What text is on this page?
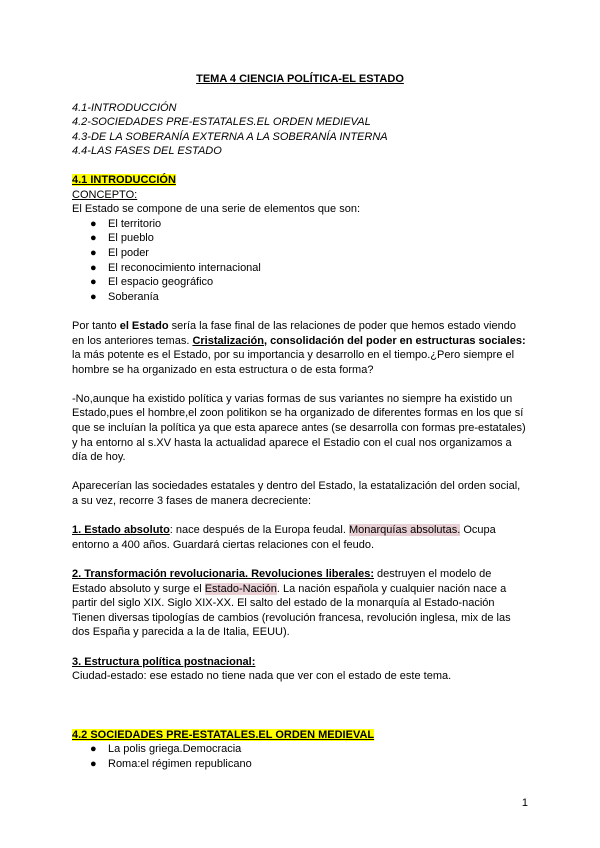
TEMA 4 CIENCIA POLÍTICA-EL ESTADO

4.1-INTRODUCCIÓN
4.2-SOCIEDADES PRE-ESTATALES.EL ORDEN MEDIEVAL
4.3-DE LA SOBERANÍA EXTERNA A LA SOBERANÍA INTERNA
4.4-LAS FASES DEL ESTADO
4.1 INTRODUCCIÓN
CONCEPTO:

El Estado se compone de una serie de elementos que son:

● El territorio
● El pueblo
● El poder
● El reconocimiento internacional
● El espacio geográfico
● Soberanía

Por tanto el Estado sería la fase final de las relaciones de poder que hemos estado viendo en los anteriores temas. Cristalización, consolidación del poder en estructuras sociales: la más potente es el Estado, por su importancia y desarrollo en el tiempo.¿Pero siempre el hombre se ha organizado en esta estructura o de esta forma?

-No,aunque ha existido política y varias formas de sus variantes no siempre ha existido un Estado,pues el hombre,el zoon politikon se ha organizado de diferentes formas en los que sí que se incluían la política ya que esta aparece antes (se desarrolla con formas pre-estatales) y ha entorno al s.XV hasta la actualidad aparece el Estadio con el cual nos organizamos a día de hoy.

Aparecerían las sociedades estatales y dentro del Estado, la estatalización del orden social, a su vez, recorre 3 fases de manera decreciente:

1. Estado absoluto: nace después de la Europa feudal. Monarquías absolutas. Ocupa entorno a 400 años. Guardará ciertas relaciones con el feudo.

2. Transformación revolucionaria. Revoluciones liberales: destruyen el modelo de Estado absoluto y surge el Estado-Nación. La nación española y cualquier nación nace a partir del siglo XIX. Siglo XIX-XX. El salto del estado de la monarquía al Estado-nación Tienen diversas tipologías de cambios (revolución francesa, revolución inglesa, mix de las dos España y parecida a la de Italia, EEUU).

3. Estructura política postnacional:

Ciudad-estado: ese estado no tiene nada que ver con el estado de este tema.

4.2 SOCIEDADES PRE-ESTATALES.EL ORDEN MEDIEVAL
● La polis griega.Democracia
● Roma:el régimen republicano
1
